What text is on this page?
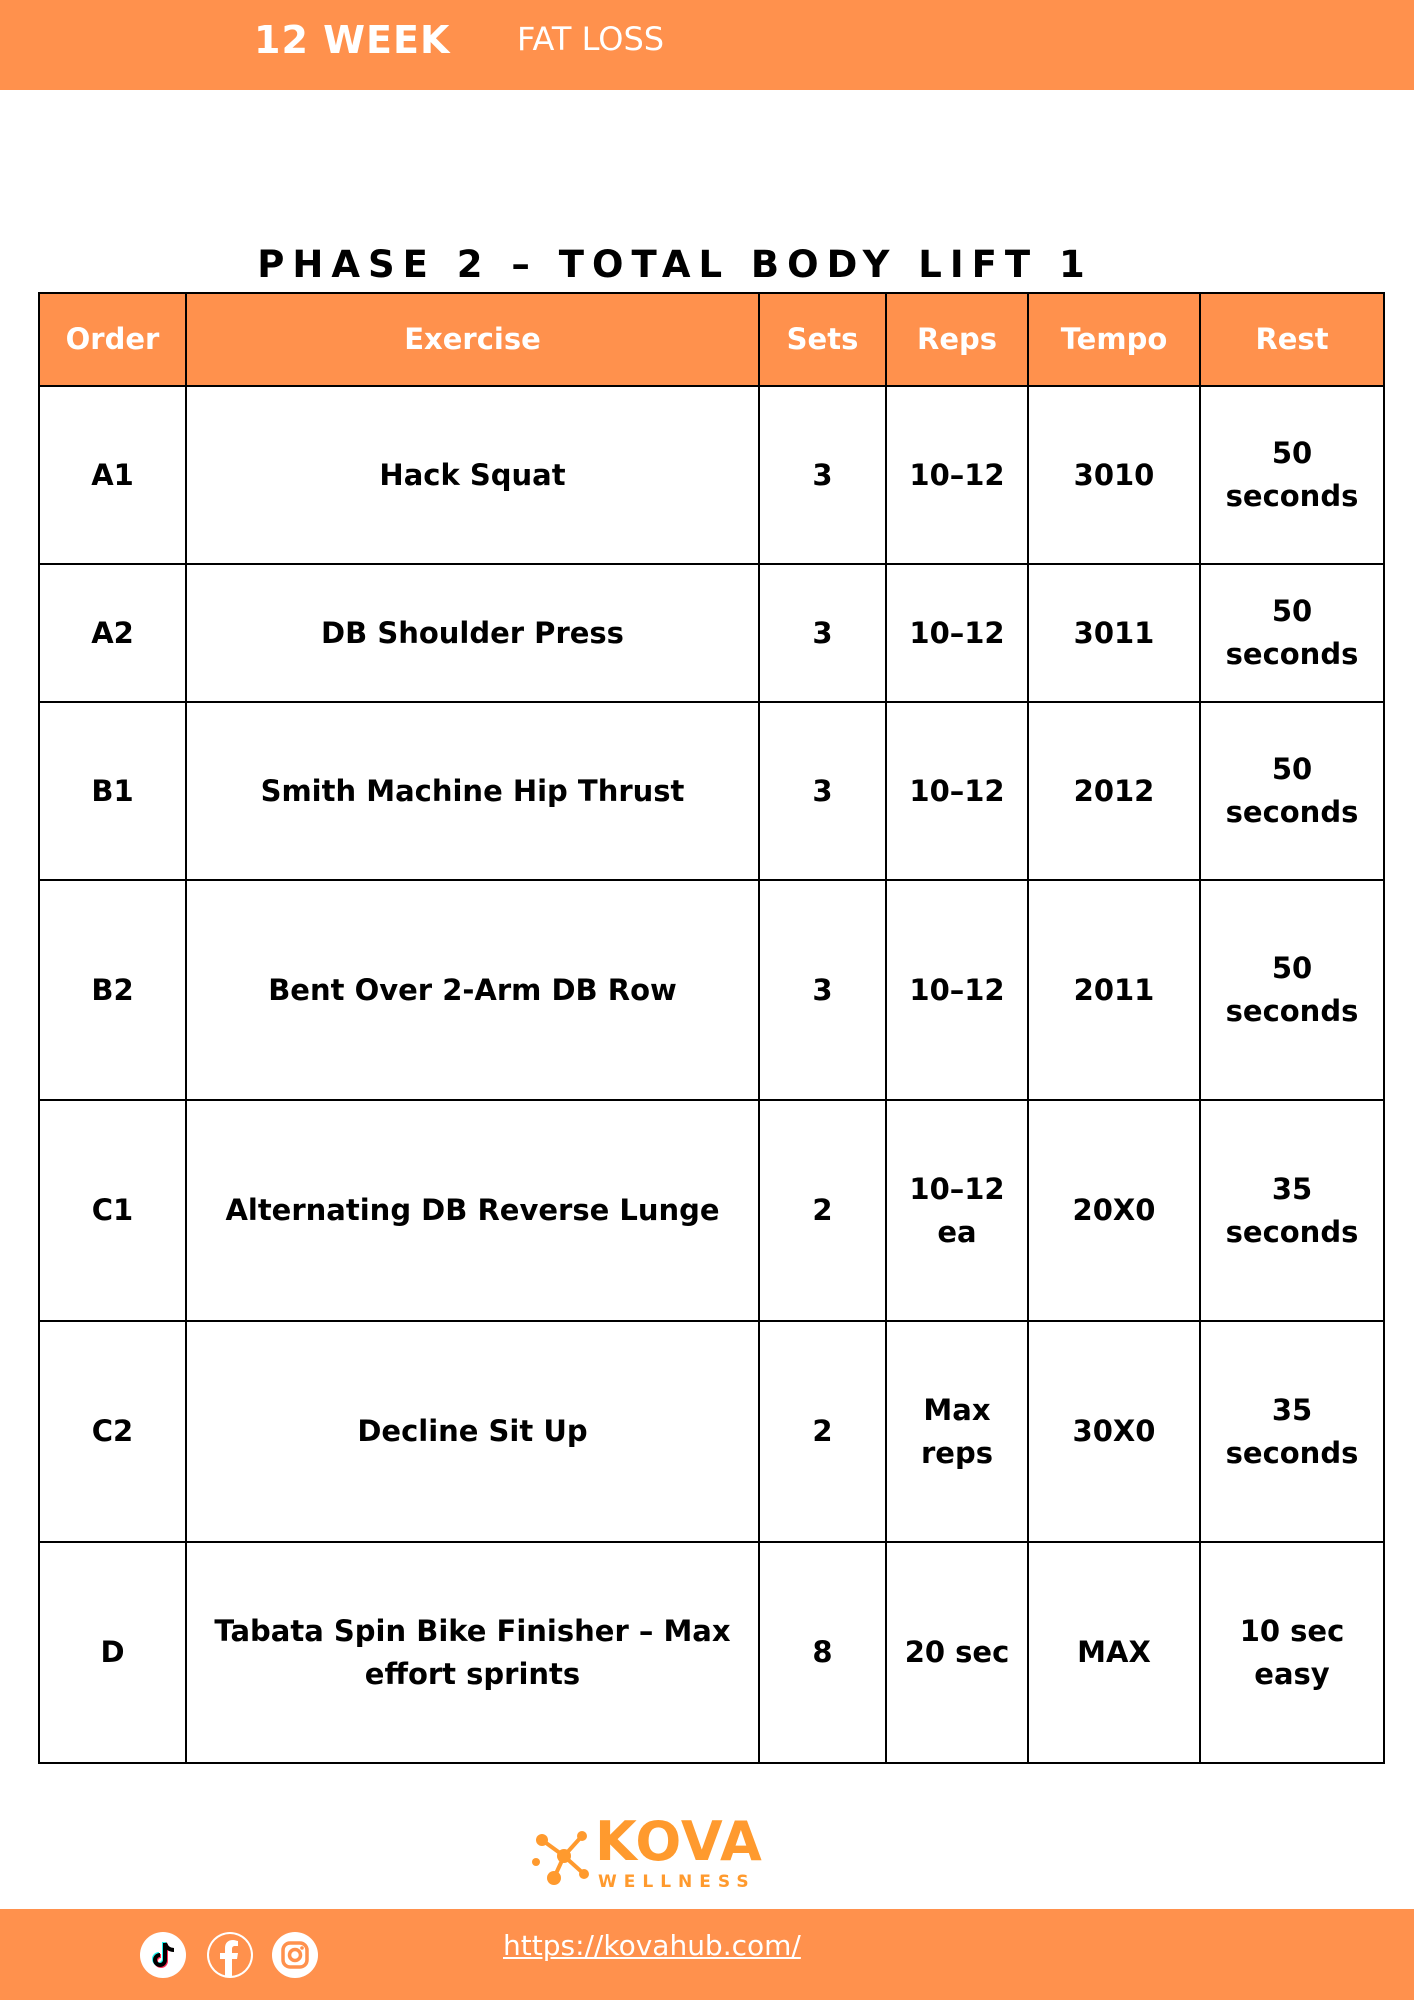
12 WEEK FAT LOSS
PHASE 2 – TOTAL BODY LIFT 1
Order	Exercise	Sets	Reps	Tempo	Rest
A1	Hack Squat	3	10–12	3010	50 seconds
A2	DB Shoulder Press	3	10–12	3011	50 seconds
B1	Smith Machine Hip Thrust	3	10–12	2012	50 seconds
B2	Bent Over 2-Arm DB Row	3	10–12	2011	50 seconds
C1	Alternating DB Reverse Lunge	2	10–12 ea	20X0	35 seconds
C2	Decline Sit Up	2	Max reps	30X0	35 seconds
D	Tabata Spin Bike Finisher – Max effort sprints	8	20 sec	MAX	10 sec easy
KOVA
WELLNESS
https://kovahub.com/
